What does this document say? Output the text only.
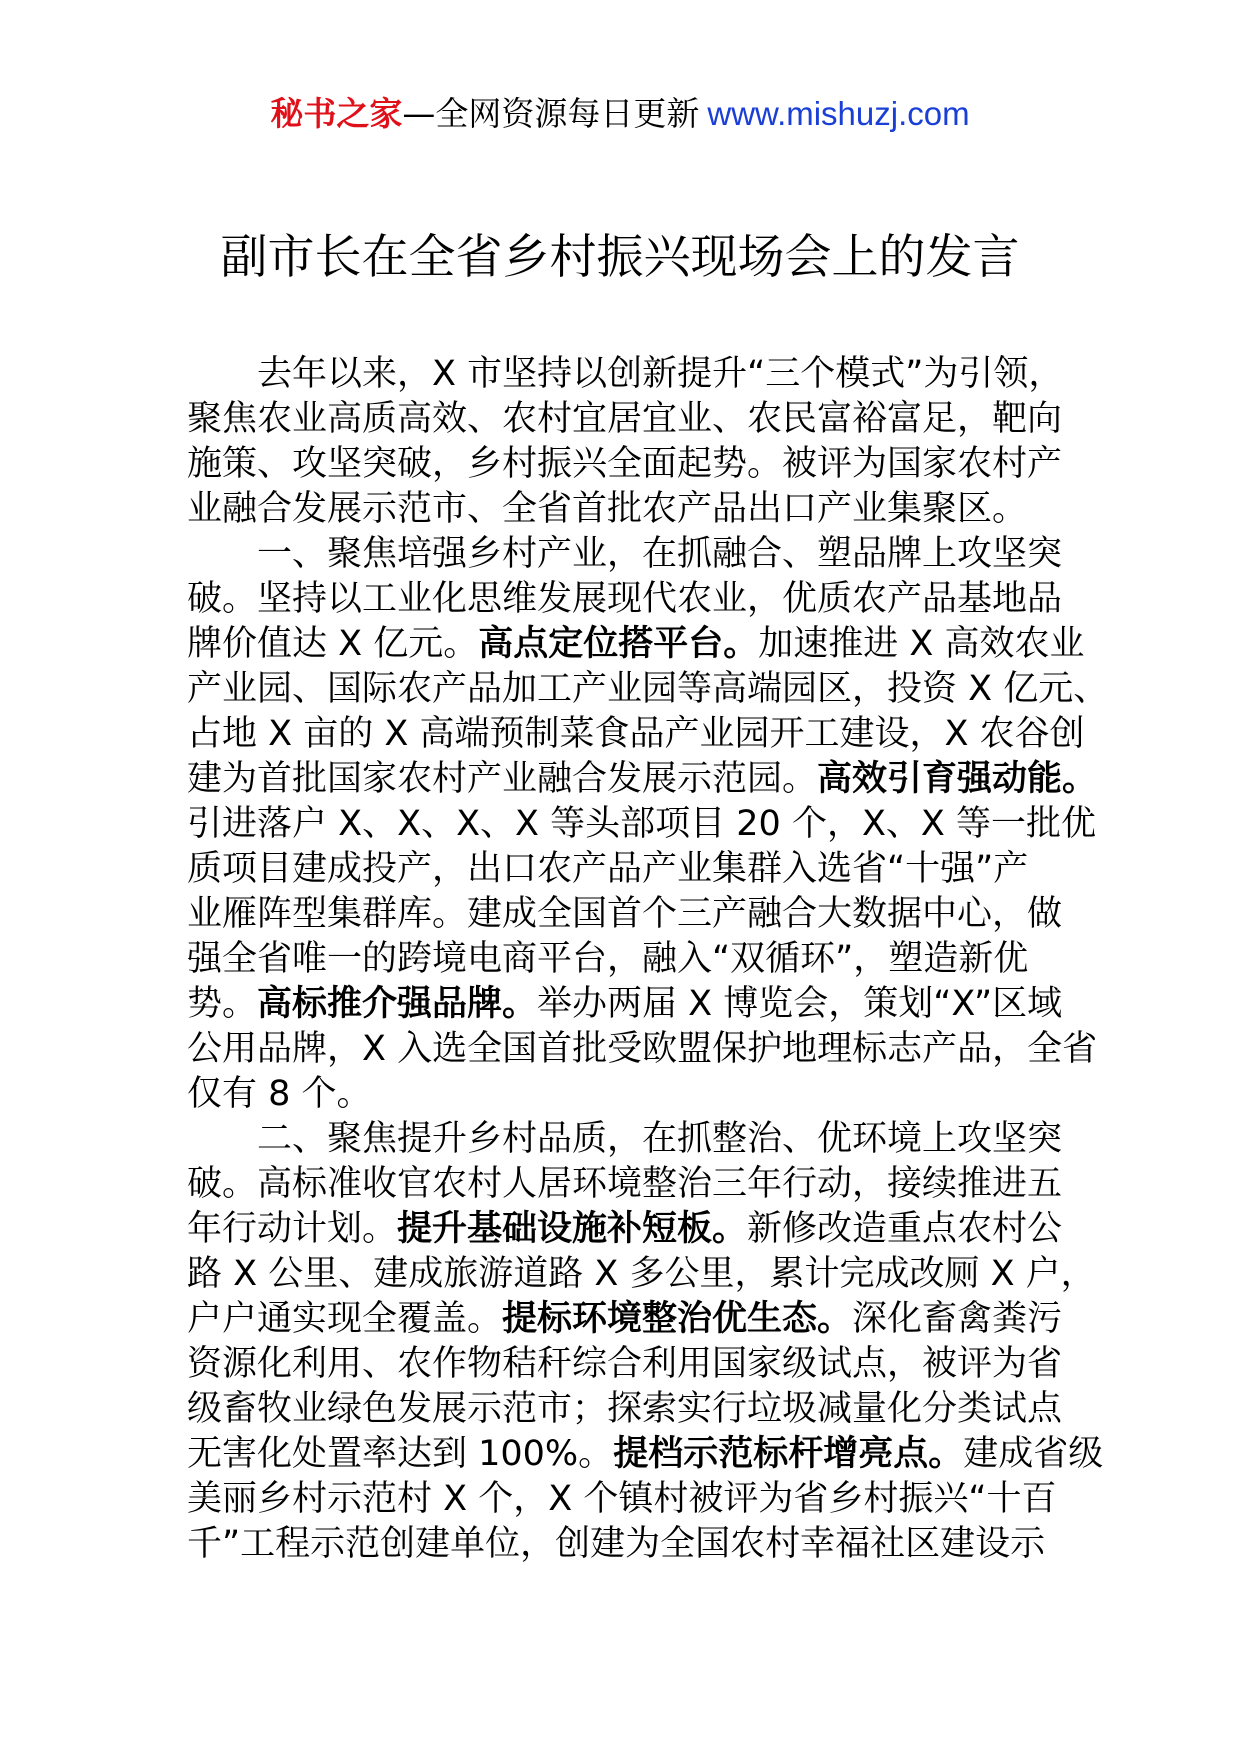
秘书之家—全网资源每日更新 www.mishuzj.com
副市长在全省乡村振兴现场会上的发言
去年以来，X 市坚持以创新提升“三个模式”为引领，
聚焦农业高质高效、农村宜居宜业、农民富裕富足，靶向
施策、攻坚突破，乡村振兴全面起势。被评为国家农村产
业融合发展示范市、全省首批农产品出口产业集聚区。
一、聚焦培强乡村产业，在抓融合、塑品牌上攻坚突
破。坚持以工业化思维发展现代农业，优质农产品基地品
牌价值达 X 亿元。高点定位搭平台。加速推进 X 高效农业
产业园、国际农产品加工产业园等高端园区，投资 X 亿元、
占地 X 亩的 X 高端预制菜食品产业园开工建设，X 农谷创
建为首批国家农村产业融合发展示范园。高效引育强动能。
引进落户 X、X、X、X 等头部项目 20 个，X、X 等一批优
质项目建成投产，出口农产品产业集群入选省“十强”产
业雁阵型集群库。建成全国首个三产融合大数据中心，做
强全省唯一的跨境电商平台，融入“双循环”，塑造新优
势。高标推介强品牌。举办两届 X 博览会，策划“X”区域
公用品牌，X 入选全国首批受欧盟保护地理标志产品，全省
仅有 8 个。
二、聚焦提升乡村品质，在抓整治、优环境上攻坚突
破。高标准收官农村人居环境整治三年行动，接续推进五
年行动计划。提升基础设施补短板。新修改造重点农村公
路 X 公里、建成旅游道路 X 多公里，累计完成改厕 X 户，
户户通实现全覆盖。提标环境整治优生态。深化畜禽粪污
资源化利用、农作物秸秆综合利用国家级试点，被评为省
级畜牧业绿色发展示范市；探索实行垃圾减量化分类试点
无害化处置率达到 100%。提档示范标杆增亮点。建成省级
美丽乡村示范村 X 个，X 个镇村被评为省乡村振兴“十百
千”工程示范创建单位，创建为全国农村幸福社区建设示
